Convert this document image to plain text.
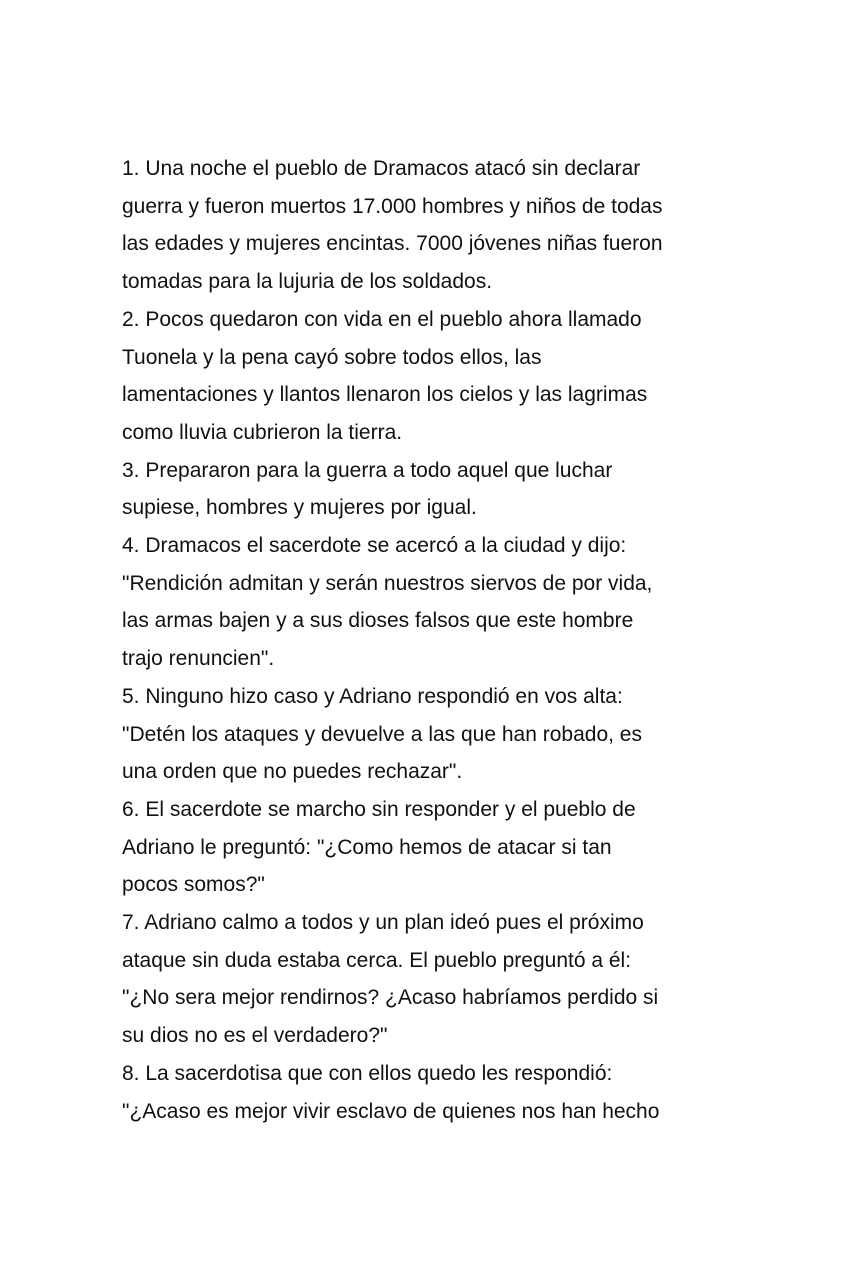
1. Una noche el pueblo de Dramacos atacó sin declarar
guerra y fueron muertos 17.000 hombres y niños de todas
las edades y mujeres encintas. 7000 jóvenes niñas fueron
tomadas para la lujuria de los soldados.
2. Pocos quedaron con vida en el pueblo ahora llamado
Tuonela y la pena cayó sobre todos ellos, las
lamentaciones y llantos llenaron los cielos y las lagrimas
como lluvia cubrieron la tierra.
3. Prepararon para la guerra a todo aquel que luchar
supiese, hombres y mujeres por igual.
4. Dramacos el sacerdote se acercó a la ciudad y dijo:
"Rendición admitan y serán nuestros siervos de por vida,
las armas bajen y a sus dioses falsos que este hombre
trajo renuncien".
5. Ninguno hizo caso y Adriano respondió en vos alta:
"Detén los ataques y devuelve a las que han robado, es
una orden que no puedes rechazar".
6. El sacerdote se marcho sin responder y el pueblo de
Adriano le preguntó: "¿Como hemos de atacar si tan
pocos somos?"
7. Adriano calmo a todos y un plan ideó pues el próximo
ataque sin duda estaba cerca. El pueblo preguntó a él:
"¿No sera mejor rendirnos? ¿Acaso habríamos perdido si
su dios no es el verdadero?"
8. La sacerdotisa que con ellos quedo les respondió:
"¿Acaso es mejor vivir esclavo de quienes nos han hecho
